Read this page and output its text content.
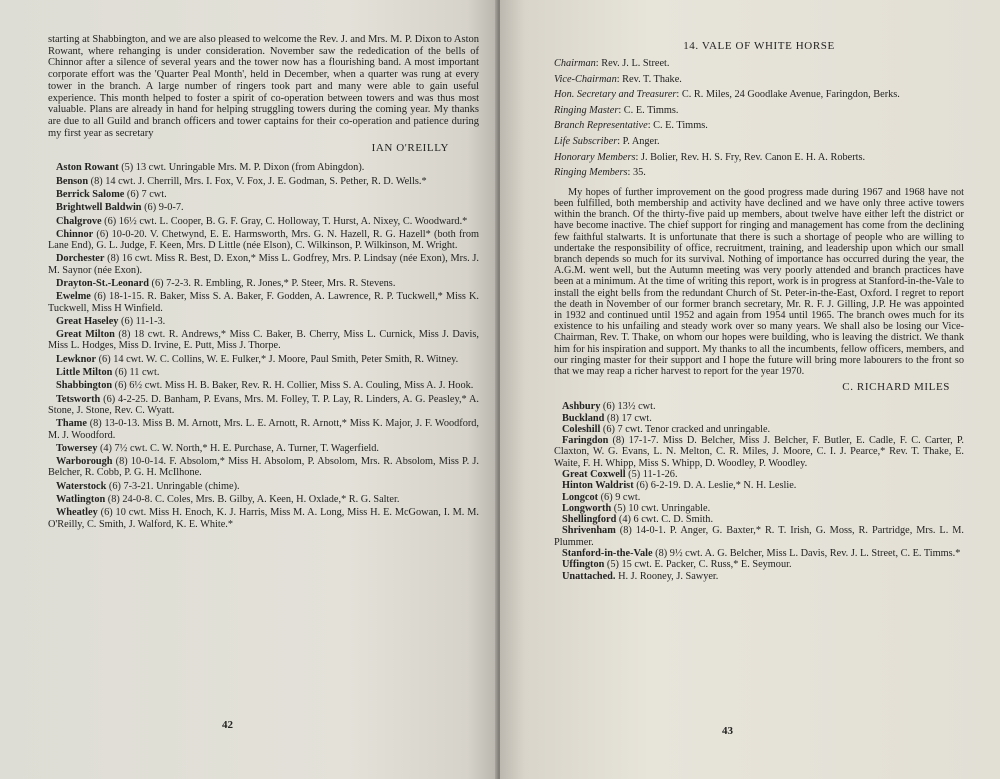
starting at Shabbington, and we are also pleased to welcome the Rev. J. and Mrs. M. P. Dixon to Aston Rowant, where rehanging is under consideration. November saw the rededication of the bells of Chinnor after a silence of several years and the tower now has a flourishing band. A most important corporate effort was the 'Quarter Peal Month', held in December, when a quarter was rung at every tower in the branch. A large number of ringers took part and many were able to gain useful experience. This month helped to foster a spirit of co-operation between towers and was thus most valuable. Plans are already in hand for helping struggling towers during the coming year. My thanks are due to all Guild and branch officers and tower captains for their co-operation and patience during my first year as secretary

IAN O'REILLY

Aston Rowant (5) 13 cwt. Unringable Mrs. M. P. Dixon (from Abingdon).

Benson (8) 14 cwt. J. Cherrill, Mrs. I. Fox, V. Fox, J. E. Godman, S. Pether, R. D. Wells.*

Berrick Salome (6) 7 cwt.

Brightwell Baldwin (6) 9-0-7.

Chalgrove (6) 16½ cwt. L. Cooper, B. G. F. Gray, C. Holloway, T. Hurst, A. Nixey, C. Woodward.*

Chinnor (6) 10-0-20. V. Chetwynd, E. E. Harmsworth, Mrs. G. N. Hazell, R. G. Hazell* (both from Lane End), G. L. Judge, F. Keen, Mrs. D Little (née Elson), C. Wilkinson, P. Wilkinson, M. Wright.

Dorchester (8) 16 cwt. Miss R. Best, D. Exon,* Miss L. Godfrey, Mrs. P. Lindsay (née Exon), Mrs. J. M. Saynor (née Exon).

Drayton-St.-Leonard (6) 7-2-3. R. Embling, R. Jones,* P. Steer, Mrs. R. Stevens.

Ewelme (6) 18-1-15. R. Baker, Miss S. A. Baker, F. Godden, A. Lawrence, R. P. Tuckwell,* Miss K. Tuckwell, Miss H Winfield.

Great Haseley (6) 11-1-3.

Great Milton (8) 18 cwt. R. Andrews,* Miss C. Baker, B. Cherry, Miss L. Curnick, Miss J. Davis, Miss L. Hodges, Miss D. Irvine, E. Putt, Miss J. Thorpe.

Lewknor (6) 14 cwt. W. C. Collins, W. E. Fulker,* J. Moore, Paul Smith, Peter Smith, R. Witney.

Little Milton (6) 11 cwt.

Shabbington (6) 6½ cwt. Miss H. B. Baker, Rev. R. H. Collier, Miss S. A. Couling, Miss A. J. Hook.

Tetsworth (6) 4-2-25. D. Banham, P. Evans, Mrs. M. Folley, T. P. Lay, R. Linders, A. G. Peasley,* A. Stone, J. Stone, Rev. C. Wyatt.

Thame (8) 13-0-13. Miss B. M. Arnott, Mrs. L. E. Arnott, R. Arnott,* Miss K. Major, J. F. Woodford, M. J. Woodford.

Towersey (4) 7½ cwt. C. W. North,* H. E. Purchase, A. Turner, T. Wagerfield.

Warborough (8) 10-0-14. F. Absolom,* Miss H. Absolom, P. Absolom, Mrs. R. Absolom, Miss P. J. Belcher, R. Cobb, P. G. H. McIlhone.

Waterstock (6) 7-3-21. Unringable (chime).

Watlington (8) 24-0-8. C. Coles, Mrs. B. Gilby, A. Keen, H. Oxlade,* R. G. Salter.

Wheatley (6) 10 cwt. Miss H. Enoch, K. J. Harris, Miss M. A. Long, Miss H. E. McGowan, I. M. M. O'Reilly, C. Smith, J. Walford, K. E. White.*

42
14. VALE OF WHITE HORSE

Chairman: Rev. J. L. Street.

Vice-Chairman: Rev. T. Thake.

Hon. Secretary and Treasurer: C. R. Miles, 24 Goodlake Avenue, Faringdon, Berks.

Ringing Master: C. E. Timms.

Branch Representative: C. E. Timms.

Life Subscriber: P. Anger.

Honorary Members: J. Bolier, Rev. H. S. Fry, Rev. Canon E. H. A. Roberts.

Ringing Members: 35.

My hopes of further improvement on the good progress made during 1967 and 1968 have not been fulfilled, both membership and activity have declined and we have only three active towers within the branch. Of the thirty-five paid up members, about twelve have either left the district or have become inactive. The chief support for ringing and management has come from the declining few faithful stalwarts. It is unfortunate that there is such a shortage of people who are willing to undertake the responsibility of office, recruitment, training, and leadership upon which our small branch depends so much for its survival. Nothing of importance has occurred during the year, the A.G.M. went well, but the Autumn meeting was very poorly attended and branch practices have been at a minimum. At the time of writing this report, work is in progress at Stanford-in-the-Vale to install the eight bells from the redundant Church of St. Peter-in-the-East, Oxford. I regret to report the death in November of our former branch secretary, Mr. R. F. J. Gilling, J.P. He was appointed in 1932 and continued until 1952 and again from 1954 until 1965. The branch owes much for its existence to his unfailing and steady work over so many years. We shall also be losing our Vice-Chairman, Rev. T. Thake, on whom our hopes were building, who is leaving the district. We thank him for his inspiration and support. My thanks to all the incumbents, fellow officers, members, and our ringing master for their support and I hope the future will bring more labourers to the front so that we may reap a richer harvest to report for the year 1970.

C. RICHARD MILES

Ashbury (6) 13½ cwt.

Buckland (8) 17 cwt.

Coleshill (6) 7 cwt. Tenor cracked and unringable.

Faringdon (8) 17-1-7. Miss D. Belcher, Miss J. Belcher, F. Butler, E. Cadle, F. C. Carter, P. Claxton, W. G. Evans, L. N. Melton, C. R. Miles, J. Moore, C. I. J. Pearce,* Rev. T. Thake, E. Waite, F. H. Whipp, Miss S. Whipp, D. Woodley, P. Woodley.

Great Coxwell (5) 11-1-26.

Hinton Waldrist (6) 6-2-19. D. A. Leslie,* N. H. Leslie.

Longcot (6) 9 cwt.

Longworth (5) 10 cwt. Unringable.

Shellingford (4) 6 cwt. C. D. Smith.

Shrivenham (8) 14-0-1. P. Anger, G. Baxter,* R. T. Irish, G. Moss, R. Partridge, Mrs. L. M. Plummer.

Stanford-in-the-Vale (8) 9½ cwt. A. G. Belcher, Miss L. Davis, Rev. J. L. Street, C. E. Timms.*

Uffington (5) 15 cwt. E. Packer, C. Russ,* E. Seymour.

Unattached. H. J. Rooney, J. Sawyer.

43
